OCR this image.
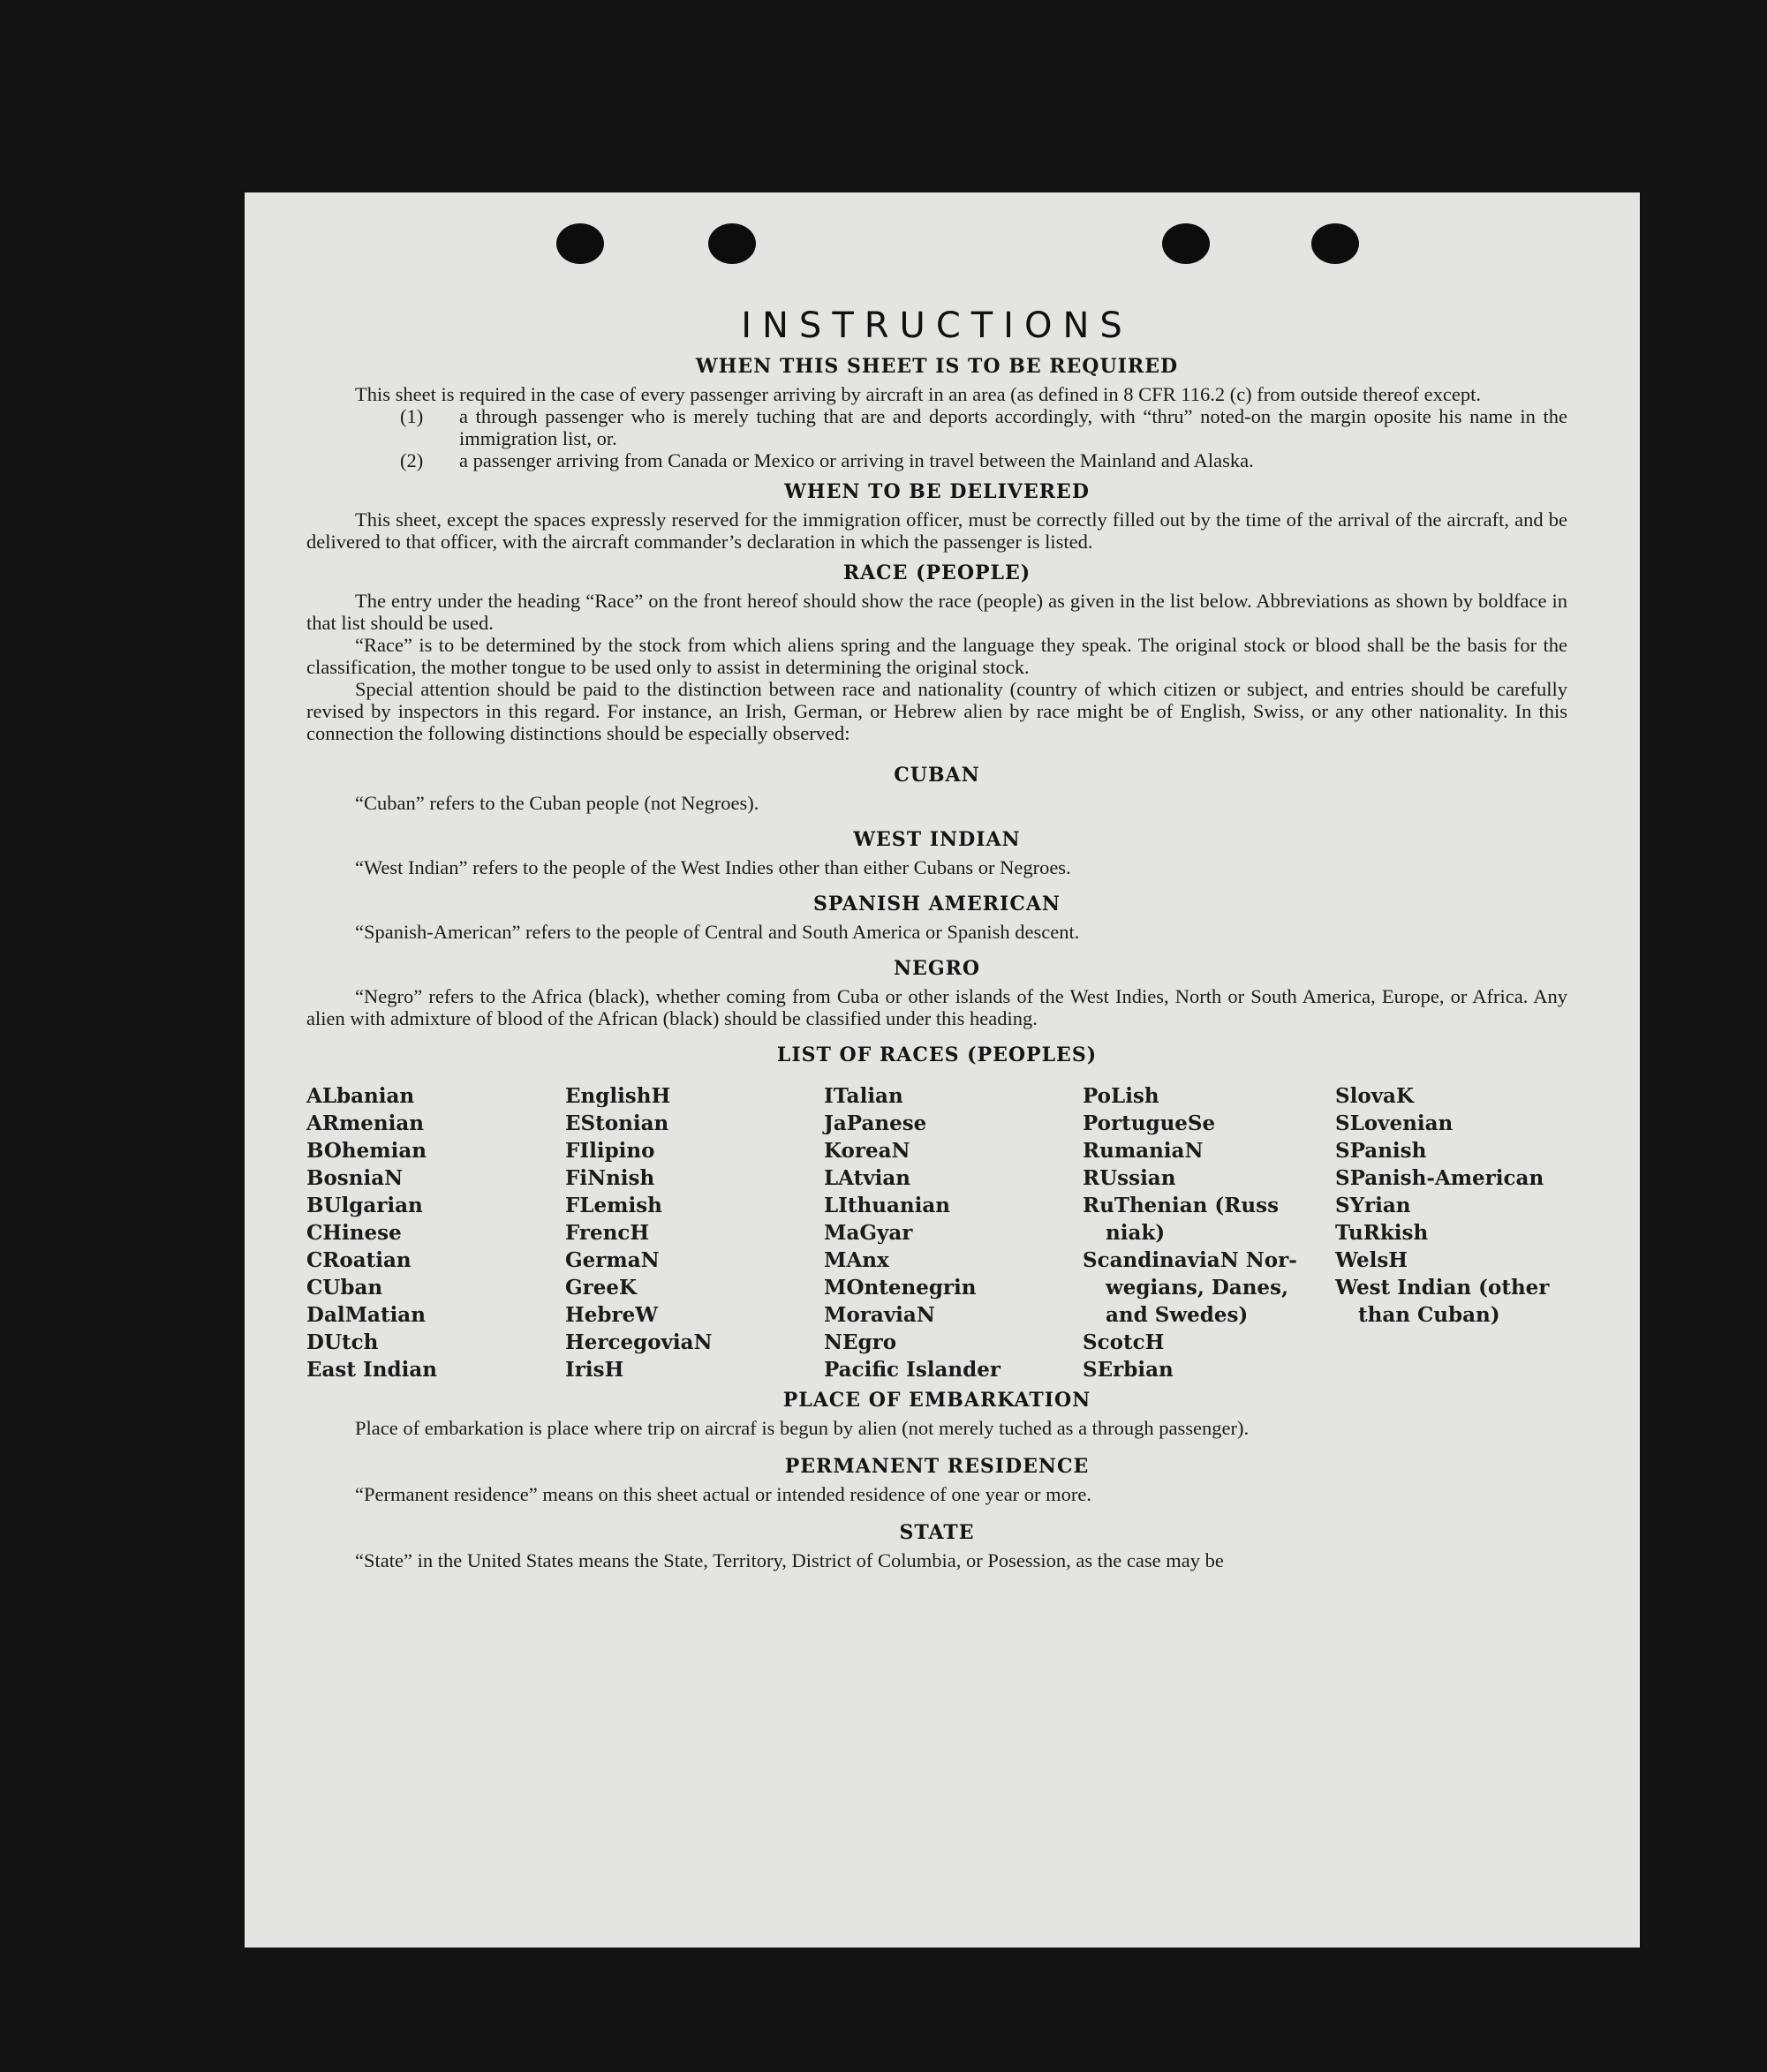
INSTRUCTIONS
WHEN THIS SHEET IS TO BE REQUIRED

This sheet is required in the case of every passenger arriving by aircraft in an area (as defined in 8 CFR 116.2 (c) from outside thereof except.

(1)	a through passenger who is merely tuching that are and deports accordingly, with “thru” noted-on the margin oposite his name in the immigration list, or.

(2)	a passenger arriving from Canada or Mexico or arriving in travel between the Mainland and Alaska.

WHEN TO BE DELIVERED

This sheet, except the spaces expressly reserved for the immigration officer, must be correctly filled out by the time of the arrival of the aircraft, and be delivered to that officer, with the aircraft commander’s declaration in which the passenger is listed.

RACE (PEOPLE)

The entry under the heading “Race” on the front hereof should show the race (people) as given in the list below. Abbreviations as shown by boldface in that list should be used.

“Race” is to be determined by the stock from which aliens spring and the language they speak. The original stock or blood shall be the basis for the classification, the mother tongue to be used only to assist in determining the original stock.

Special attention should be paid to the distinction between race and nationality (country of which citizen or subject, and entries should be carefully revised by inspectors in this regard. For instance, an Irish, German, or Hebrew alien by race might be of English, Swiss, or any other nationality. In this connection the following distinctions should be especially observed:

CUBAN

“Cuban” refers to the Cuban people (not Negroes).

WEST INDIAN

“West Indian” refers to the people of the West Indies other than either Cubans or Negroes.

SPANISH AMERICAN

“Spanish-American” refers to the people of Central and South America or Spanish descent.

NEGRO

“Negro” refers to the Africa (black), whether coming from Cuba or other islands of the West Indies, North or South America, Europe, or Africa. Any alien with admixture of blood of the African (black) should be classified under this heading.

LIST OF RACES (PEOPLES)
ALbanian
ARmenian
BOhemian
BosniaN
BUlgarian
CHinese
CRoatian
CUban
DalMatian
DUtch
East Indian
EnglishH
EStonian
FIlipino
FiNnish
FLemish
FrencH
GermaN
GreeK
HebreW
HercegoviaN
IrisH
ITalian
JaPanese
KoreaN
LAtvian
LIthuanian
MaGyar
MAnx
MOntenegrin
MoraviaN
NEgro
Pacific Islander
PoLish
PortugueSe
RumaniaN
RUssian
RuThenian (Russ
niak)
ScandinaviaN Nor-
wegians, Danes,
and Swedes)
ScotcH
SErbian
SlovaK
SLovenian
SPanish
SPanish-American
SYrian
TuRkish
WelsH
West Indian (other
than Cuban)
PLACE OF EMBARKATION

Place of embarkation is place where trip on aircraf is begun by alien (not merely tuched as a through passenger).

PERMANENT RESIDENCE

“Permanent residence” means on this sheet actual or intended residence of one year or more.

STATE

“State” in the United States means the State, Territory, District of Columbia, or Posession, as the case may be
